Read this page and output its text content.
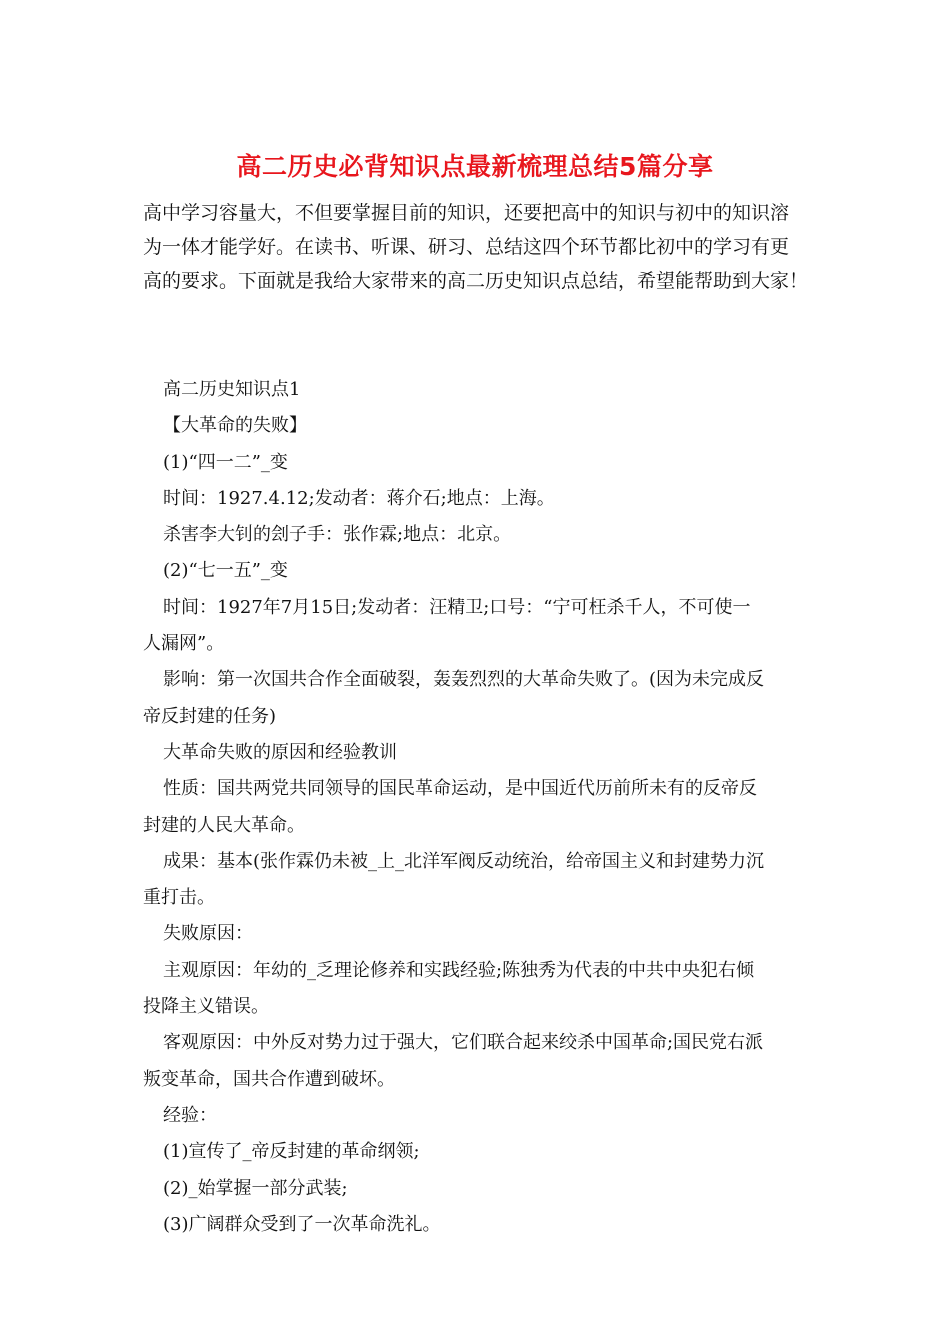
高二历史必背知识点最新梳理总结5篇分享

高中学习容量大，不但要掌握目前的知识，还要把高中的知识与初中的知识溶

为一体才能学好。在读书、听课、研习、总结这四个环节都比初中的学习有更

高的要求。下面就是我给大家带来的高二历史知识点总结，希望能帮助到大家！

高二历史知识点1

【大革命的失败】

(1)“四一二”_变

时间：1927.4.12;发动者：蒋介石;地点：上海。

杀害李大钊的刽子手：张作霖;地点：北京。

(2)“七一五”_变

时间：1927年7月15日;发动者：汪精卫;口号：“宁可枉杀千人，不可使一

人漏网”。

影响：第一次国共合作全面破裂，轰轰烈烈的大革命失败了。(因为未完成反

帝反封建的任务)

大革命失败的原因和经验教训

性质：国共两党共同领导的国民革命运动，是中国近代历前所未有的反帝反

封建的人民大革命。

成果：基本(张作霖仍未被_上_北洋军阀反动统治，给帝国主义和封建势力沉

重打击。

失败原因：

主观原因：年幼的_乏理论修养和实践经验;陈独秀为代表的中共中央犯右倾

投降主义错误。

客观原因：中外反对势力过于强大，它们联合起来绞杀中国革命;国民党右派

叛变革命，国共合作遭到破坏。

经验：

(1)宣传了_帝反封建的革命纲领;

(2)_始掌握一部分武装;

(3)广阔群众受到了一次革命洗礼。
